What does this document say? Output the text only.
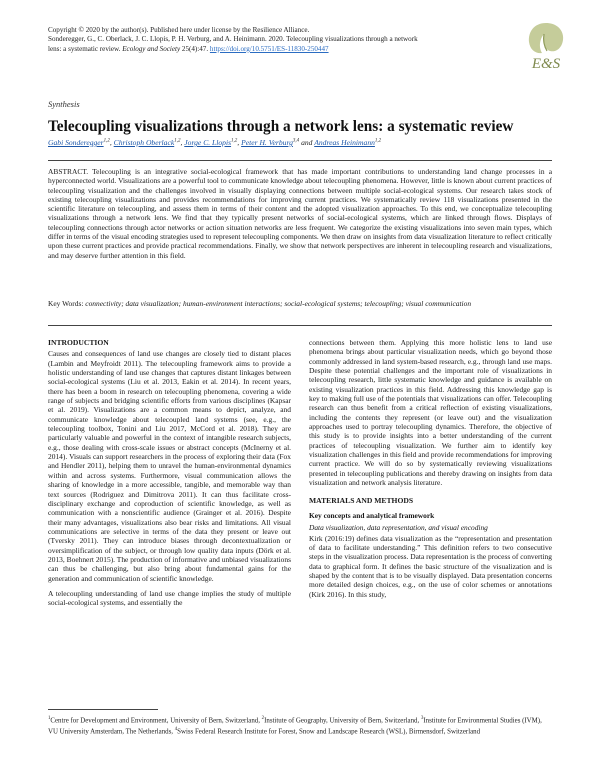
Copyright © 2020 by the author(s). Published here under license by the Resilience Alliance.
Sonderegger, G., C. Oberlack, J. C. Llopis, P. H. Verburg, and A. Heinimann. 2020. Telecoupling visualizations through a network
lens: a systematic review. Ecology and Society 25(4):47. https://doi.org/10.5751/ES-11830-250447
E&S
Synthesis
Telecoupling visualizations through a network lens: a systematic review
Gabi Sonderegger$^{1,2}$, Christoph Oberlack$^{1,2}$, Jorge C. Llopis$^{1,2}$, Peter H. Verburg$^{3,4}$ and Andreas Heinimann$^{1,2}$
ABSTRACT. Telecoupling is an integrative social-ecological framework that has made important contributions to understanding land change processes in a hyperconnected world. Visualizations are a powerful tool to communicate knowledge about telecoupling phenomena. However, little is known about current practices of telecoupling visualization and the challenges involved in visually displaying connections between multiple social-ecological systems. Our research takes stock of existing telecoupling visualizations and provides recommendations for improving current practices. We systematically review 118 visualizations presented in the scientific literature on telecoupling, and assess them in terms of their content and the adopted visualization approaches. To this end, we conceptualize telecoupling visualizations through a network lens. We find that they typically present networks of social-ecological systems, which are linked through flows. Displays of telecoupling connections through actor networks or action situation networks are less frequent. We categorize the existing visualizations into seven main types, which differ in terms of the visual encoding strategies used to represent telecoupling components. We then draw on insights from data visualization literature to reflect critically upon these current practices and provide practical recommendations. Finally, we show that network perspectives are inherent in telecoupling research and visualizations, and may deserve further attention in this field.
Key Words: connectivity; data visualization; human-environment interactions; social-ecological systems; telecoupling; visual communication
INTRODUCTION

Causes and consequences of land use changes are closely tied to distant places (Lambin and Meyfroidt 2011). The telecoupling framework aims to provide a holistic understanding of land use changes that captures distant linkages between social-ecological systems (Liu et al. 2013, Eakin et al. 2014). In recent years, there has been a boom in research on telecoupling phenomena, covering a wide range of subjects and bridging scientific efforts from various disciplines (Kapsar et al. 2019). Visualizations are a common means to depict, analyze, and communicate knowledge about telecoupled land systems (see, e.g., the telecoupling toolbox, Tonini and Liu 2017, McCord et al. 2018). They are particularly valuable and powerful in the context of intangible research subjects, e.g., those dealing with cross-scale issues or abstract concepts (McInerny et al. 2014). Visuals can support researchers in the process of exploring their data (Fox and Hendler 2011), helping them to unravel the human-environmental dynamics within and across systems. Furthermore, visual communication allows the sharing of knowledge in a more accessible, tangible, and memorable way than text sources (Rodriguez and Dimitrova 2011). It can thus facilitate cross-disciplinary exchange and coproduction of scientific knowledge, as well as communication with a nonscientific audience (Grainger et al. 2016). Despite their many advantages, visualizations also bear risks and limitations. All visual communications are selective in terms of the data they present or leave out (Tversky 2011). They can introduce biases through decontextualization or oversimplification of the subject, or through low quality data inputs (Dörk et al. 2013, Boehnert 2015). The production of informative and unbiased visualizations can thus be challenging, but also bring about fundamental gains for the generation and communication of scientific knowledge.

A telecoupling understanding of land use change implies the study of multiple social-ecological systems, and essentially the

connections between them. Applying this more holistic lens to land use phenomena brings about particular visualization needs, which go beyond those commonly addressed in land system-based research, e.g., through land use maps. Despite these potential challenges and the important role of visualizations in telecoupling research, little systematic knowledge and guidance is available on existing visualization practices in this field. Addressing this knowledge gap is key to making full use of the potentials that visualizations can offer. Telecoupling research can thus benefit from a critical reflection of existing visualizations, including the contents they represent (or leave out) and the visualization approaches used to portray telecoupling dynamics. Therefore, the objective of this study is to provide insights into a better understanding of the current practices of telecoupling visualization. We further aim to identify key visualization challenges in this field and provide recommendations for improving current practice. We will do so by systematically reviewing visualizations presented in telecoupling publications and thereby drawing on insights from data visualization and network analysis literature.

MATERIALS AND METHODS
Key concepts and analytical framework
Data visualization, data representation, and visual encoding

Kirk (2016:19) defines data visualization as the “representation and presentation of data to facilitate understanding.” This definition refers to two consecutive steps in the visualization process. Data representation is the process of converting data to graphical form. It defines the basic structure of the visualization and is shaped by the content that is to be visually displayed. Data presentation concerns more detailed design choices, e.g., on the use of color schemes or annotations (Kirk 2016). In this study,

$^1$Centre for Development and Environment, University of Bern, Switzerland, $^2$Institute of Geography, University of Bern, Switzerland, $^3$Institute for Environmental Studies (IVM), VU University Amsterdam, The Netherlands, $^4$Swiss Federal Research Institute for Forest, Snow and Landscape Research (WSL), Birmensdorf, Switzerland
